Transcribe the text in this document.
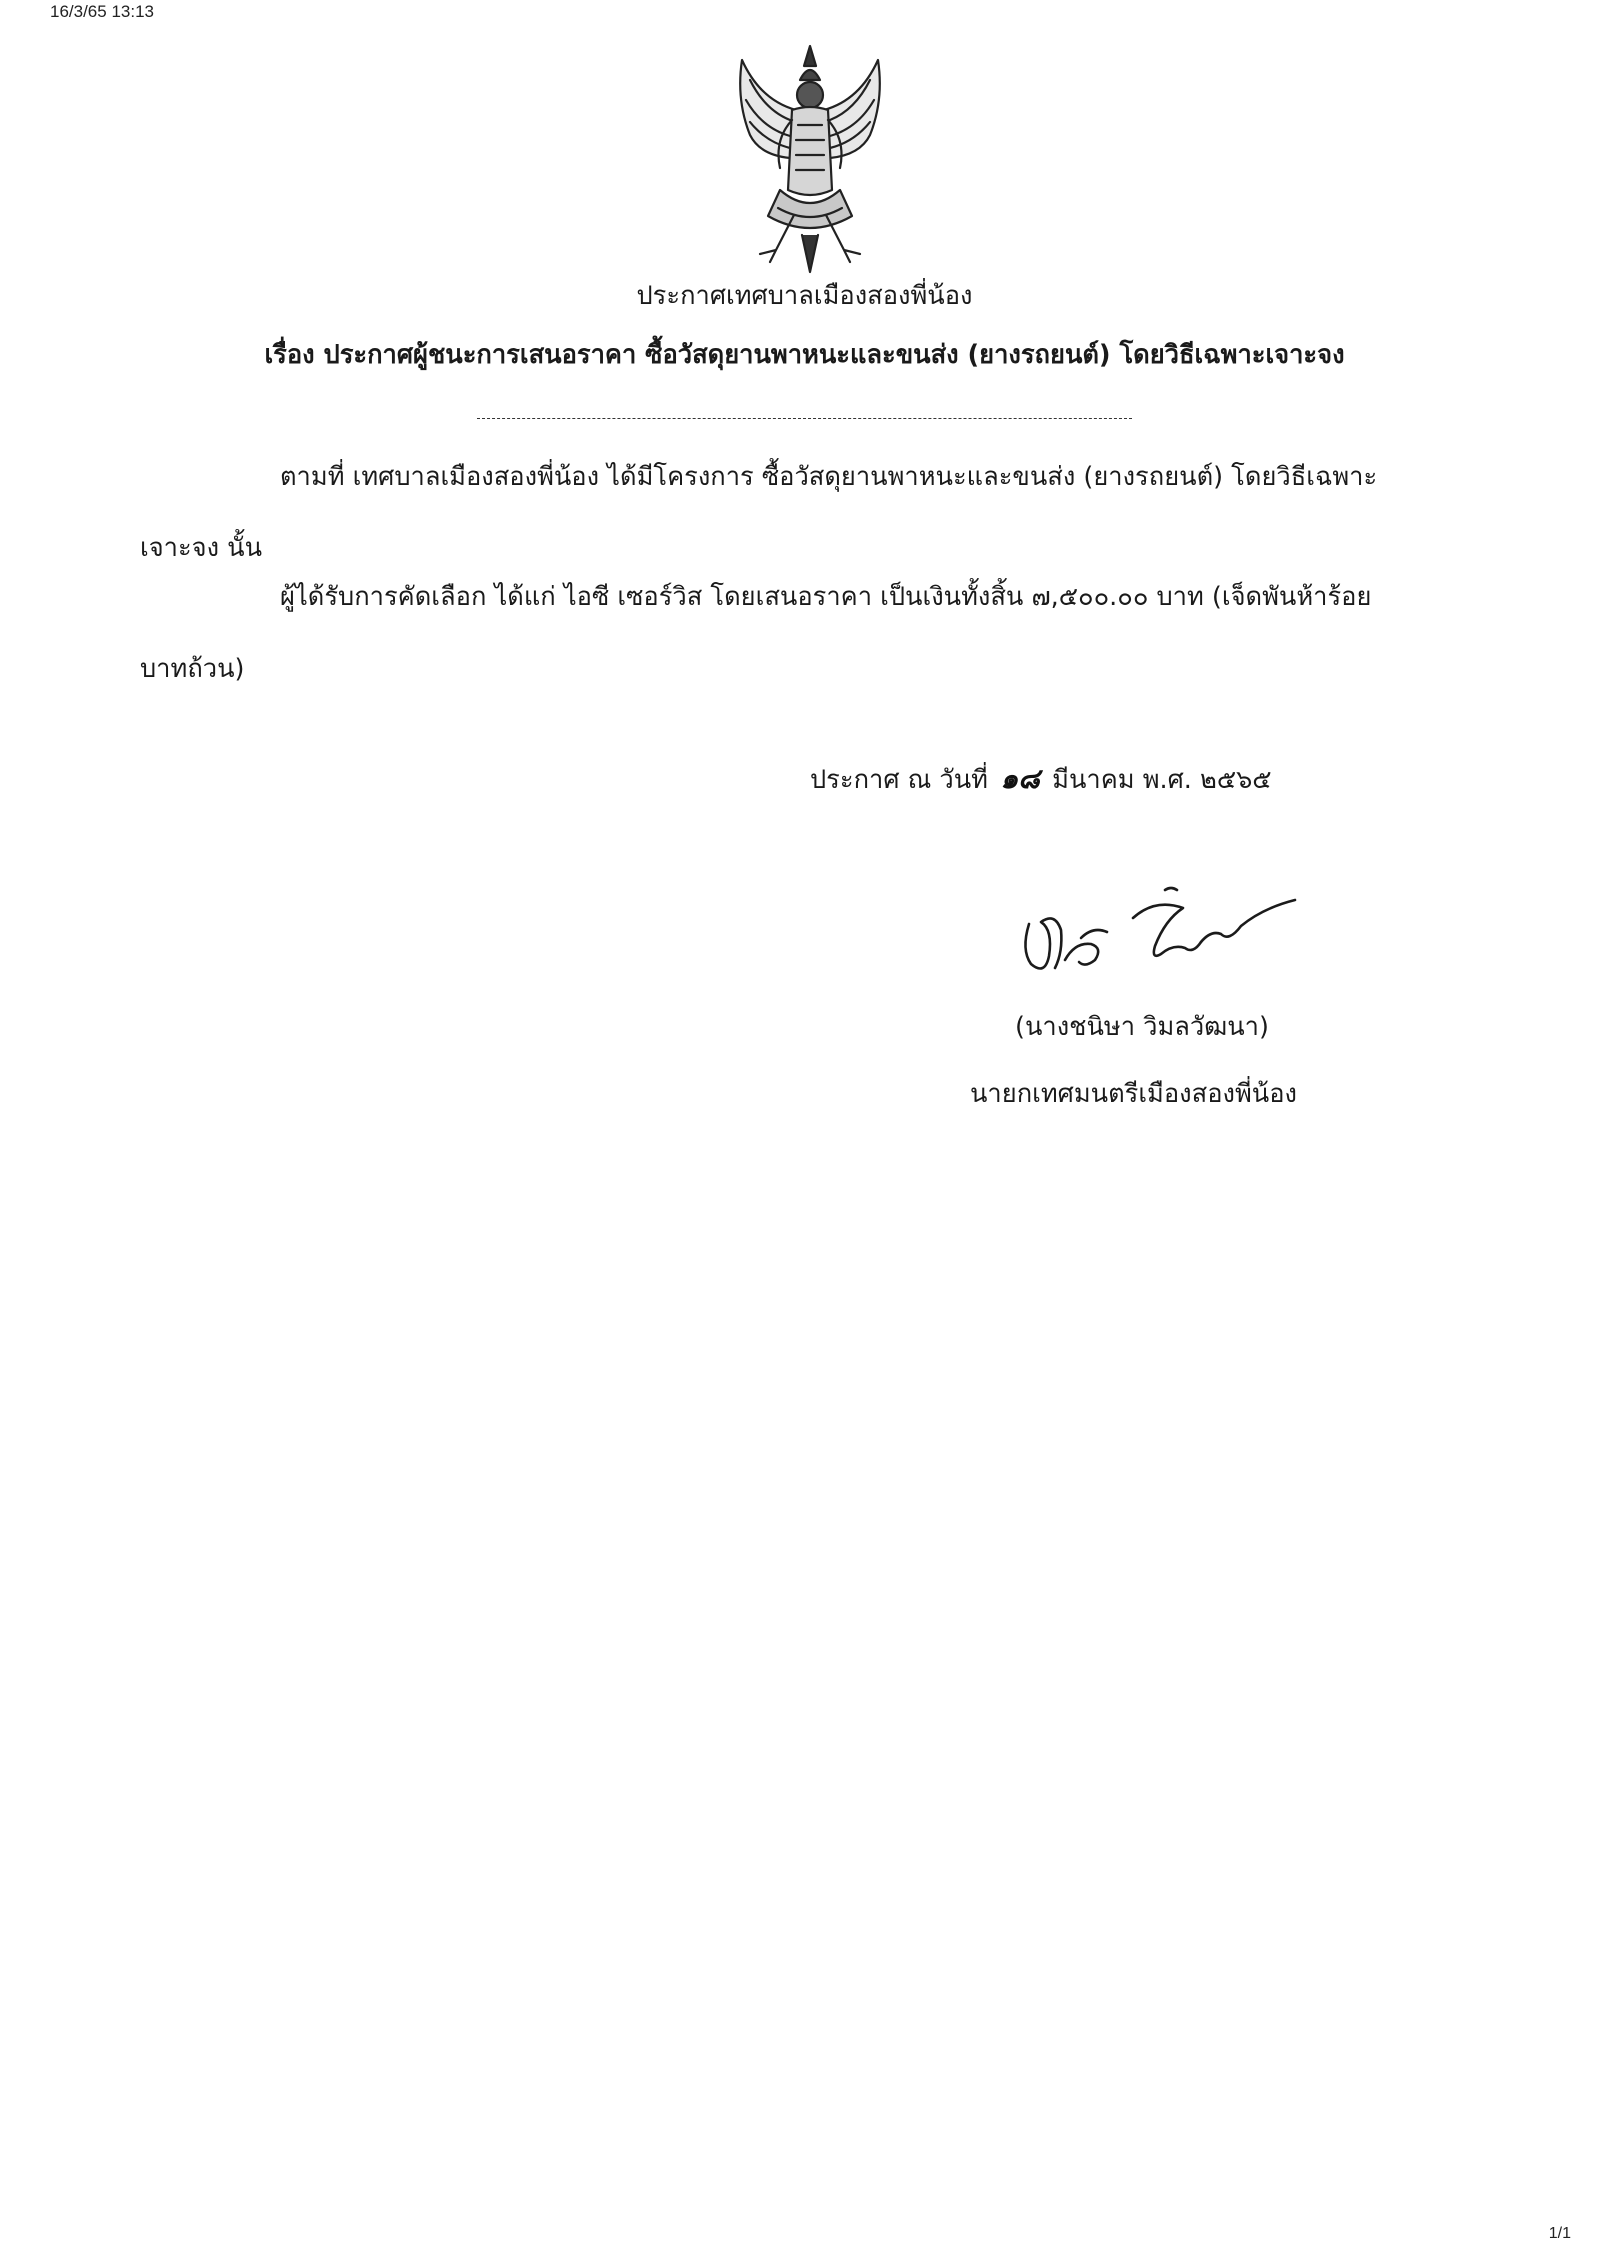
16/3/65 13:13
ประกาศเทศบาลเมืองสองพี่น้อง
เรื่อง ประกาศผู้ชนะการเสนอราคา ซื้อวัสดุยานพาหนะและขนส่ง (ยางรถยนต์) โดยวิธีเฉพาะเจาะจง
ตามที่ เทศบาลเมืองสองพี่น้อง ได้มีโครงการ ซื้อวัสดุยานพาหนะและขนส่ง (ยางรถยนต์) โดยวิธีเฉพาะ
เจาะจง นั้น
ผู้ได้รับการคัดเลือก ได้แก่ ไอซี เซอร์วิส โดยเสนอราคา เป็นเงินทั้งสิ้น ๗,๕๐๐.๐๐ บาท (เจ็ดพันห้าร้อย
บาทถ้วน)
ประกาศ ณ วันที่ ๑๘ มีนาคม พ.ศ. ๒๕๖๕
(นางชนิษา วิมลวัฒนา)
นายกเทศมนตรีเมืองสองพี่น้อง
1/1
